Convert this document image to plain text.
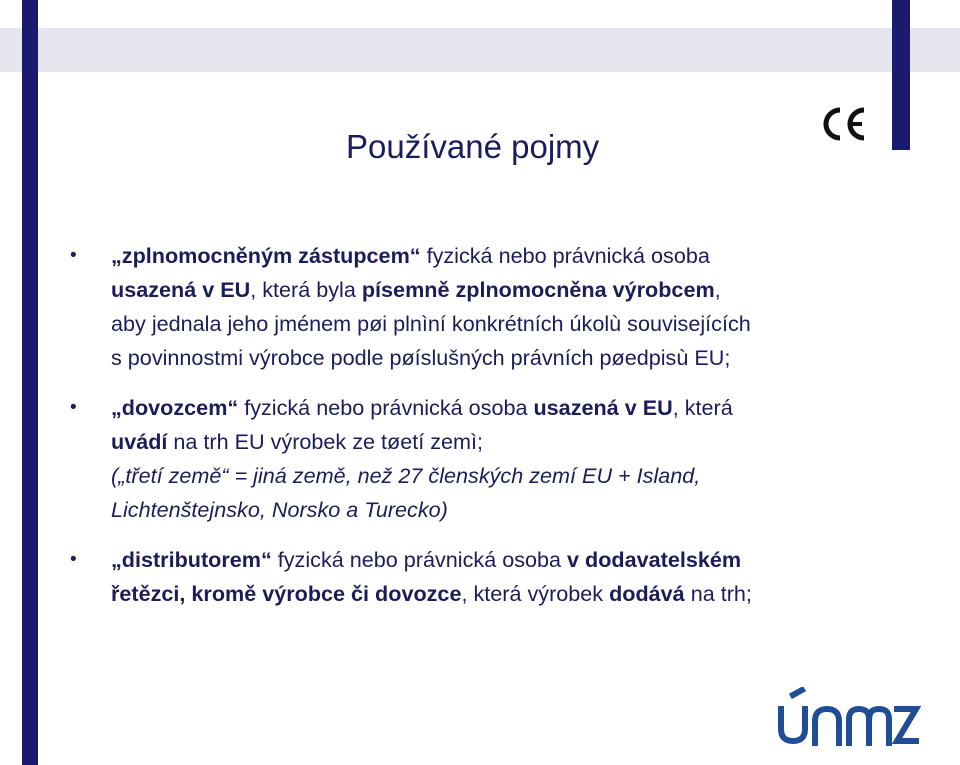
Používané pojmy
• „zplnomocněným zástupcem“ fyzická nebo právnická osoba
usazená v EU, která byla písemně zplnomocněna výrobcem,
aby jednala jeho jménem pøi plnìní konkrétních úkolù souvisejících
s povinnostmi výrobce podle pøíslušných právních pøedpisù EU;
• „dovozcem“ fyzická nebo právnická osoba usazená v EU, která
uvádí na trh EU výrobek ze tøetí zemì;
(„třetí země“ = jiná země, než 27 členských zemí EU + Island,
Lichtenštejnsko, Norsko a Turecko)
• „distributorem“ fyzická nebo právnická osoba v dodavatelském
řetězci, kromě výrobce či dovozce, která výrobek dodává na trh;
